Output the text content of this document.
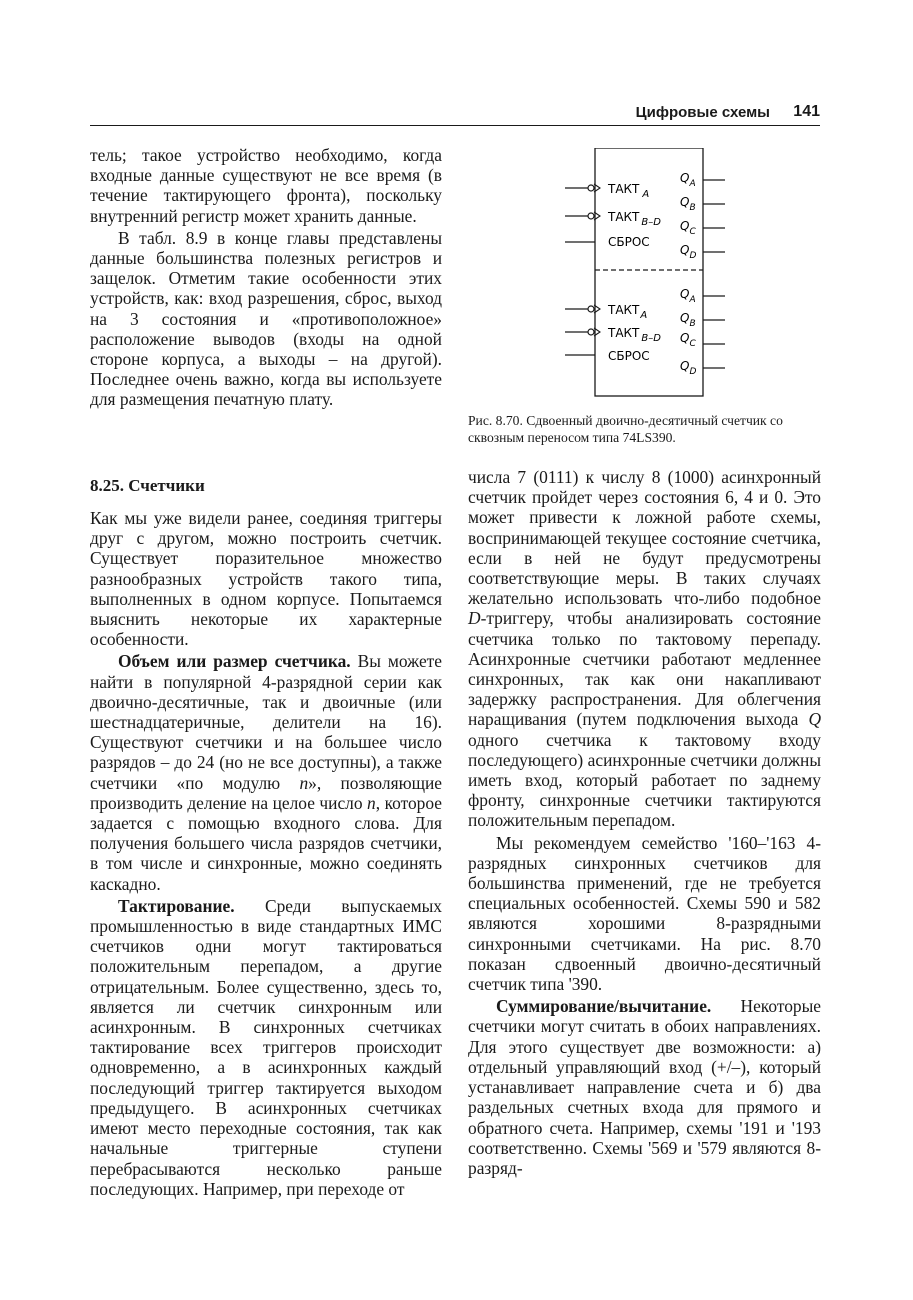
Цифровые схемы 141
ТАКТ $_A$
ТАКТ $_{B-D}$
СБРОС
$ТАКТ_A$
ТАКТ $_{B-D}$
СБРОС
$Q_A$
$Q_B$
$Q_C$
$Q_D$
$Q_A$
$Q_B$
$Q_C$
$Q_D$

Рис. 8.70. Сдвоенный двоично-десятичный счетчик со

сквозным переносом типа 74LS390.

тель; такое устройство необходимо, когда входные данные существуют не все время (в течение тактирующего фронта), поскольку внутренний регистр может хранить данные.

В табл. 8.9 в конце главы представлены данные большинства полезных регистров и защелок. Отметим такие особенности этих устройств, как: вход разрешения, сброс, выход на 3 состояния и «противоположное» расположение выводов (входы на одной стороне корпуса, а выходы – на другой). Последнее очень важно, когда вы используете для размещения печатную плату.

8.25. Счетчики

Как мы уже видели ранее, соединяя триггеры друг с другом, можно построить счетчик. Существует поразительное множество разнообразных устройств такого типа, выполненных в одном корпусе. Попытаемся выяснить некоторые их характерные особенности.

Объем или размер счетчика. Вы можете найти в популярной 4-разрядной серии как двоично-десятичные, так и двоичные (или шестнадцатеричные, делители на 16). Существуют счетчики и на большее число разрядов – до 24 (но не все доступны), а также счетчики «по модулю n», позволяющие производить деление на целое число n, которое задается с помощью входного слова. Для получения большего числа разрядов счетчики, в том числе и синхронные, можно соединять каскадно.

Тактирование. Среди выпускаемых промышленностью в виде стандартных ИМС счетчиков одни могут тактироваться положительным перепадом, а другие отрицательным. Более существенно, здесь то, является ли счетчик синхронным или асинхронным. В синхронных счетчиках тактирование всех триггеров происходит одновременно, а в асинхронных каждый последующий триггер тактируется выходом предыдущего. В асинхронных счетчиках имеют место переходные состояния, так как начальные триггерные ступени перебрасываются несколько раньше последующих. Например, при переходе от

числа 7 (0111) к числу 8 (1000) асинхронный счетчик пройдет через состояния 6, 4 и 0. Это может привести к ложной работе схемы, воспринимающей текущее состояние счетчика, если в ней не будут предусмотрены соответствующие меры. В таких случаях желательно использовать что-либо подобное D-триггеру, чтобы анализировать состояние счетчика только по тактовому перепаду. Асинхронные счетчики работают медленнее синхронных, так как они накапливают задержку распространения. Для облегчения наращивания (путем подключения выхода Q одного счетчика к тактовому входу последующего) асинхронные счетчики должны иметь вход, который работает по заднему фронту, синхронные счетчики тактируются положительным перепадом.

Мы рекомендуем семейство '160–'163 4-разрядных синхронных счетчиков для большинства применений, где не требуется специальных особенностей. Схемы 590 и 582 являются хорошими 8-разрядными синхронными счетчиками. На рис. 8.70 показан сдвоенный двоично-десятичный счетчик типа '390.

Суммирование/вычитание. Некоторые счетчики могут считать в обоих направлениях. Для этого существует две возможности: а) отдельный управляющий вход (+/–), который устанавливает направление счета и б) два раздельных счетных входа для прямого и обратного счета. Например, схемы '191 и '193 соответственно. Схемы '569 и '579 являются 8-разряд-
